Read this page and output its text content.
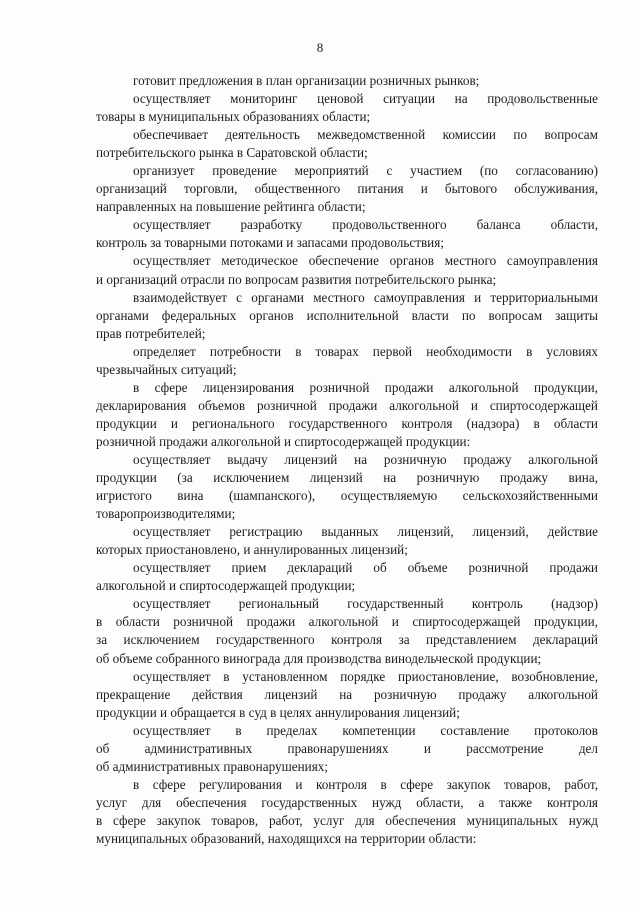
8
готовит предложения в план организации розничных рынков;
осуществляет мониторинг ценовой ситуации на продовольственные
товары в муниципальных образованиях области;
обеспечивает деятельность межведомственной комиссии по вопросам
потребительского рынка в Саратовской области;
организует проведение мероприятий с участием (по согласованию)
организаций торговли, общественного питания и бытового обслуживания,
направленных на повышение рейтинга области;
осуществляет разработку продовольственного баланса области,
контроль за товарными потоками и запасами продовольствия;
осуществляет методическое обеспечение органов местного самоуправления
и организаций отрасли по вопросам развития потребительского рынка;
взаимодействует с органами местного самоуправления и территориальными
органами федеральных органов исполнительной власти по вопросам защиты
прав потребителей;
определяет потребности в товарах первой необходимости в условиях
чрезвычайных ситуаций;
в сфере лицензирования розничной продажи алкогольной продукции,
декларирования объемов розничной продажи алкогольной и спиртосодержащей
продукции и регионального государственного контроля (надзора) в области
розничной продажи алкогольной и спиртосодержащей продукции:
осуществляет выдачу лицензий на розничную продажу алкогольной
продукции (за исключением лицензий на розничную продажу вина,
игристого вина (шампанского), осуществляемую сельскохозяйственными
товаропроизводителями;
осуществляет регистрацию выданных лицензий, лицензий, действие
которых приостановлено, и аннулированных лицензий;
осуществляет прием деклараций об объеме розничной продажи
алкогольной и спиртосодержащей продукции;
осуществляет региональный государственный контроль (надзор)
в области розничной продажи алкогольной и спиртосодержащей продукции,
за исключением государственного контроля за представлением деклараций
об объеме собранного винограда для производства винодельческой продукции;
осуществляет в установленном порядке приостановление, возобновление,
прекращение действия лицензий на розничную продажу алкогольной
продукции и обращается в суд в целях аннулирования лицензий;
осуществляет в пределах компетенции составление протоколов
об административных правонарушениях и рассмотрение дел
об административных правонарушениях;
в сфере регулирования и контроля в сфере закупок товаров, работ,
услуг для обеспечения государственных нужд области, а также контроля
в сфере закупок товаров, работ, услуг для обеспечения муниципальных нужд
муниципальных образований, находящихся на территории области:
